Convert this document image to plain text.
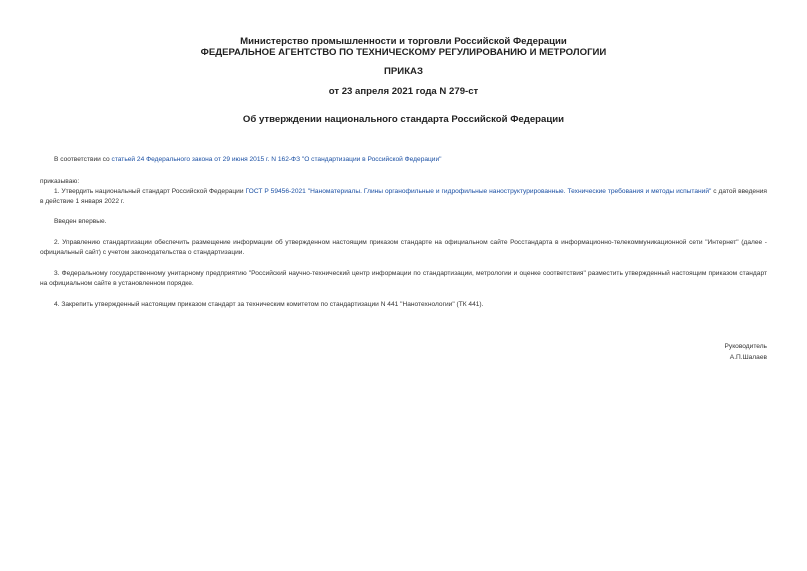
Министерство промышленности и торговли Российской Федерации
ФЕДЕРАЛЬНОЕ АГЕНТСТВО ПО ТЕХНИЧЕСКОМУ РЕГУЛИРОВАНИЮ И МЕТРОЛОГИИ
ПРИКАЗ
от 23 апреля 2021 года N 279-ст
Об утверждении национального стандарта Российской Федерации
В соответствии со статьей 24 Федерального закона от 29 июня 2015 г. N 162-ФЗ "О стандартизации в Российской Федерации"
приказываю:
1. Утвердить национальный стандарт Российской Федерации ГОСТ Р 59456-2021 "Наноматериалы. Глины органофильные и гидрофильные наноструктурированные. Технические требования и методы испытаний" с датой введения в действие 1 января 2022 г.
Введен впервые.
2. Управлению стандартизации обеспечить размещение информации об утвержденном настоящим приказом стандарте на официальном сайте Росстандарта в информационно-телекоммуникационной сети "Интернет" (далее - официальный сайт) с учетом законодательства о стандартизации.
3. Федеральному государственному унитарному предприятию "Российский научно-технический центр информации по стандартизации, метрологии и оценке соответствия" разместить утвержденный настоящим приказом стандарт на официальном сайте в установленном порядке.
4. Закрепить утвержденный настоящим приказом стандарт за техническим комитетом по стандартизации N 441 "Нанотехнологии" (ТК 441).
Руководитель
А.П.Шалаев
